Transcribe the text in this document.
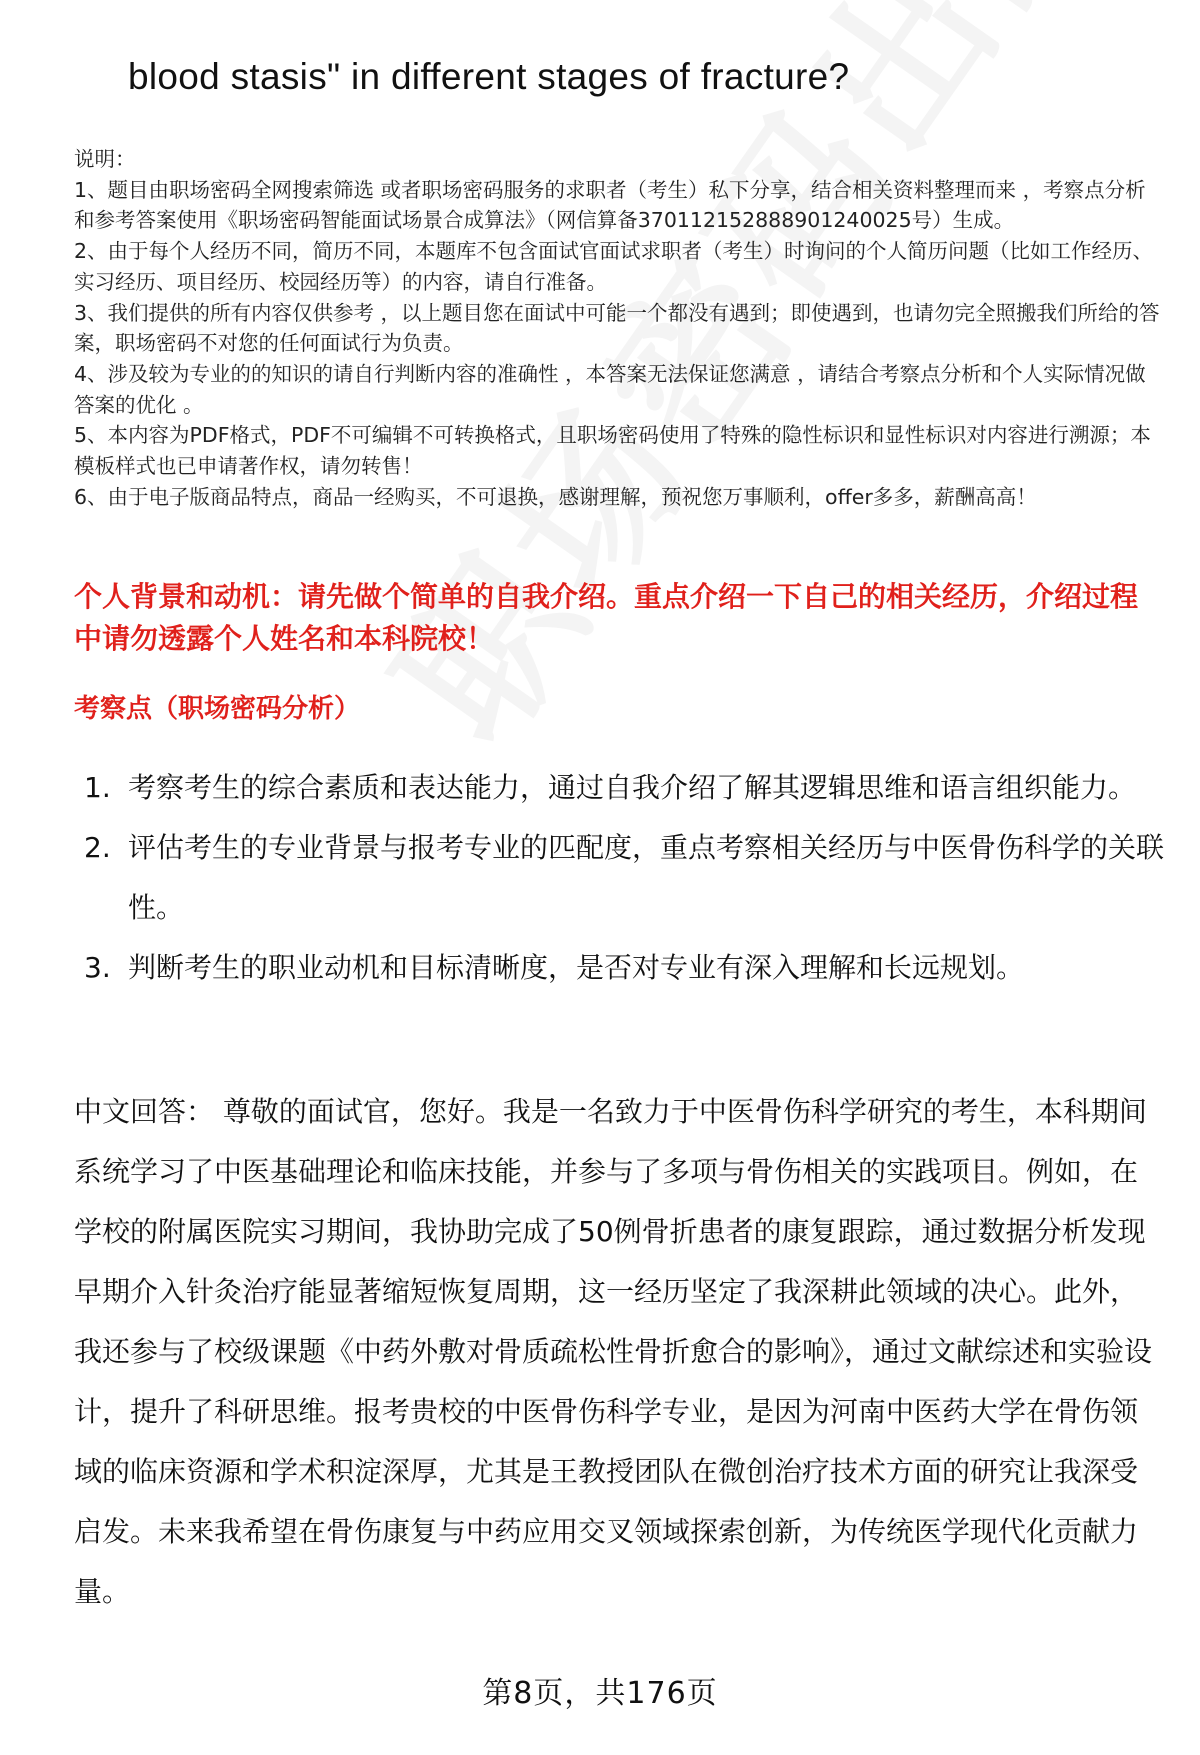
blood stasis" in different stages of fracture?

说明：

1、题目由职场密码全网搜索筛选 或者职场密码服务的求职者（考生）私下分享，结合相关资料整理而来 ，考察点分析和参考答案使用《职场密码智能面试场景合成算法》（网信算备370112152888901240025号）生成。

2、由于每个人经历不同，简历不同，本题库不包含面试官面试求职者（考生）时询问的个人简历问题（比如工作经历、实习经历、项目经历、校园经历等）的内容，请自行准备。

3、我们提供的所有内容仅供参考 ，以上题目您在面试中可能一个都没有遇到；即使遇到，也请勿完全照搬我们所给的答案，职场密码不对您的任何面试行为负责。

4、涉及较为专业的的知识的请自行判断内容的准确性 ，本答案无法保证您满意 ，请结合考察点分析和个人实际情况做答案的优化 。

5、本内容为PDF格式，PDF不可编辑不可转换格式，且职场密码使用了特殊的隐性标识和显性标识对内容进行溯源；本模板样式也已申请著作权，请勿转售！

6、由于电子版商品特点，商品一经购买，不可退换，感谢理解，预祝您万事顺利，offer多多，薪酬高高！

个人背景和动机：请先做个简单的自我介绍。重点介绍一下自己的相关经历，介绍过程中请勿透露个人姓名和本科院校！
考察点（职场密码分析）
1. 考察考生的综合素质和表达能力，通过自我介绍了解其逻辑思维和语言组织能力。
2. 评估考生的专业背景与报考专业的匹配度，重点考察相关经历与中医骨伤科学的关联性。
3. 判断考生的职业动机和目标清晰度，是否对专业有深入理解和长远规划。
中文回答： 尊敬的面试官，您好。我是一名致力于中医骨伤科学研究的考生，本科期间系统学习了中医基础理论和临床技能，并参与了多项与骨伤相关的实践项目。例如，在学校的附属医院实习期间，我协助完成了50例骨折患者的康复跟踪，通过数据分析发现早期介入针灸治疗能显著缩短恢复周期，这一经历坚定了我深耕此领域的决心。此外，我还参与了校级课题《中药外敷对骨质疏松性骨折愈合的影响》，通过文献综述和实验设计，提升了科研思维。报考贵校的中医骨伤科学专业，是因为河南中医药大学在骨伤领域的临床资源和学术积淀深厚，尤其是王教授团队在微创治疗技术方面的研究让我深受启发。未来我希望在骨伤康复与中药应用交叉领域探索创新，为传统医学现代化贡献力量。
第8页，共176页
